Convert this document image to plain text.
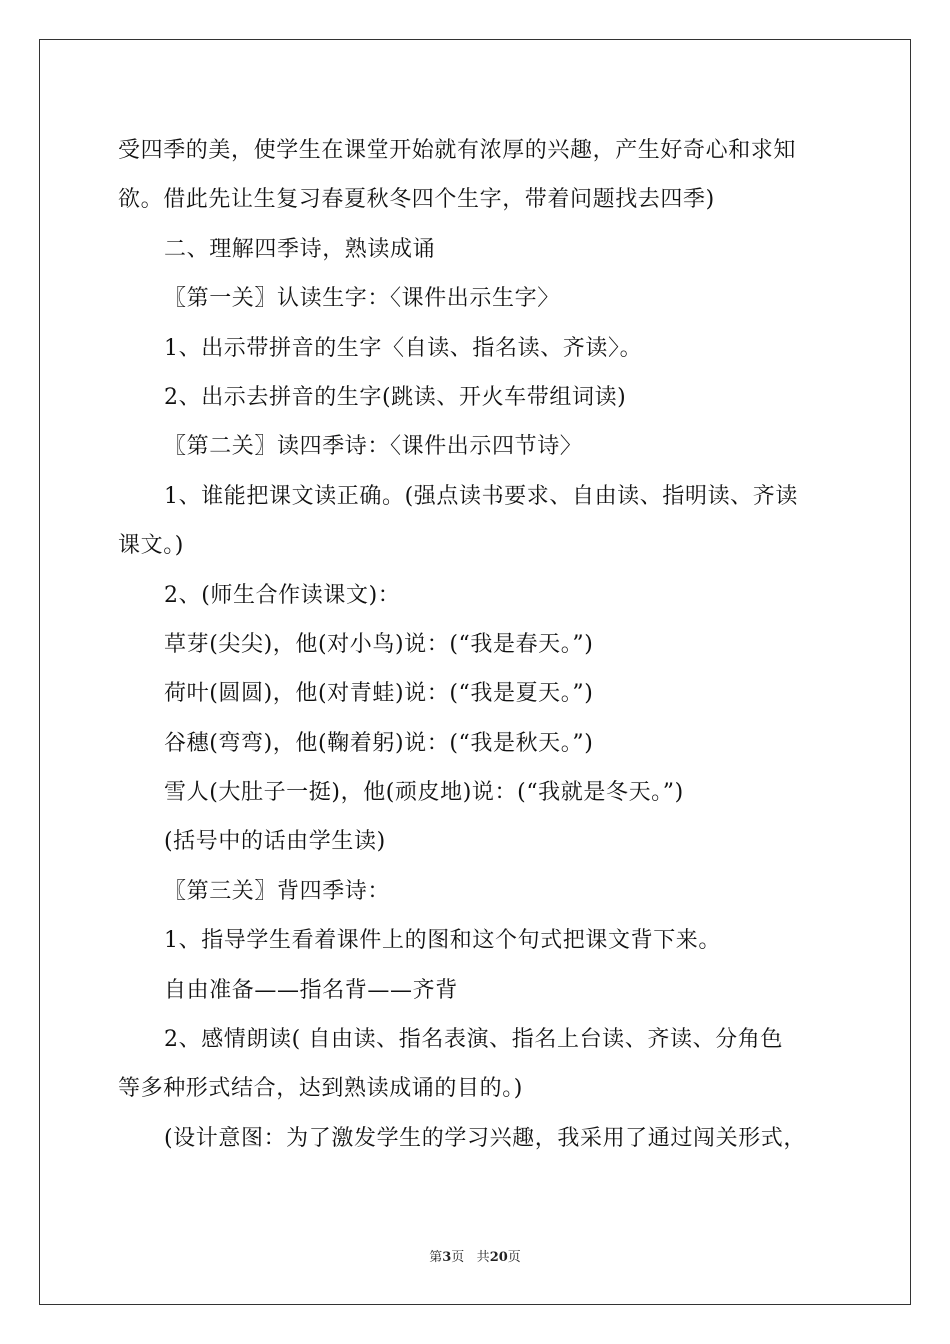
受四季的美，使学生在课堂开始就有浓厚的兴趣，产生好奇心和求知
欲。借此先让生复习春夏秋冬四个生字，带着问题找去四季)
二、理解四季诗，熟读成诵
〖第一关〗认读生字：〈课件出示生字〉
1、出示带拼音的生字〈自读、指名读、齐读〉。
2、出示去拼音的生字(跳读、开火车带组词读)
〖第二关〗读四季诗：〈课件出示四节诗〉
1、谁能把课文读正确。(强点读书要求、自由读、指明读、齐读
课文。)
2、(师生合作读课文)：
草芽(尖尖)，他(对小鸟)说：(“我是春天。”)
荷叶(圆圆)，他(对青蛙)说：(“我是夏天。”)
谷穗(弯弯)，他(鞠着躬)说：(“我是秋天。”)
雪人(大肚子一挺)，他(顽皮地)说：(“我就是冬天。”)
(括号中的话由学生读)
〖第三关〗背四季诗：
1、指导学生看着课件上的图和这个句式把课文背下来。
自由准备——指名背——齐背
2、感情朗读( 自由读、指名表演、指名上台读、齐读、分角色
等多种形式结合，达到熟读成诵的目的。)
(设计意图：为了激发学生的学习兴趣，我采用了通过闯关形式，
第3页 共20页
